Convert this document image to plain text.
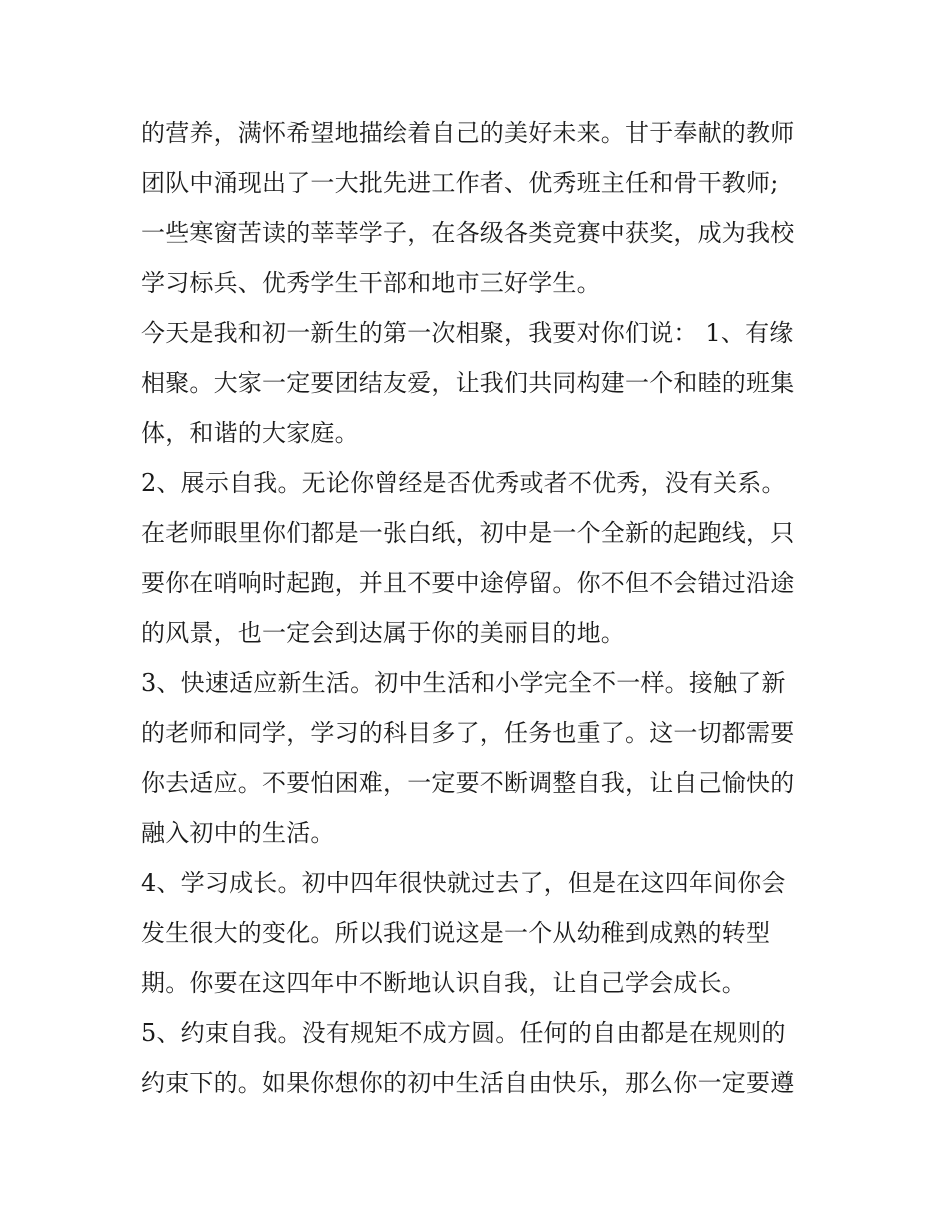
的营养，满怀希望地描绘着自己的美好未来。甘于奉献的教师
团队中涌现出了一大批先进工作者、优秀班主任和骨干教师;
一些寒窗苦读的莘莘学子，在各级各类竞赛中获奖，成为我校
学习标兵、优秀学生干部和地市三好学生。
今天是我和初一新生的第一次相聚，我要对你们说： 1、有缘
相聚。大家一定要团结友爱，让我们共同构建一个和睦的班集
体，和谐的大家庭。
2、展示自我。无论你曾经是否优秀或者不优秀，没有关系。
在老师眼里你们都是一张白纸，初中是一个全新的起跑线，只
要你在哨响时起跑，并且不要中途停留。你不但不会错过沿途
的风景，也一定会到达属于你的美丽目的地。
3、快速适应新生活。初中生活和小学完全不一样。接触了新
的老师和同学，学习的科目多了，任务也重了。这一切都需要
你去适应。不要怕困难，一定要不断调整自我，让自己愉快的
融入初中的生活。
4、学习成长。初中四年很快就过去了，但是在这四年间你会
发生很大的变化。所以我们说这是一个从幼稚到成熟的转型
期。你要在这四年中不断地认识自我，让自己学会成长。
5、约束自我。没有规矩不成方圆。任何的自由都是在规则的
约束下的。如果你想你的初中生活自由快乐，那么你一定要遵
